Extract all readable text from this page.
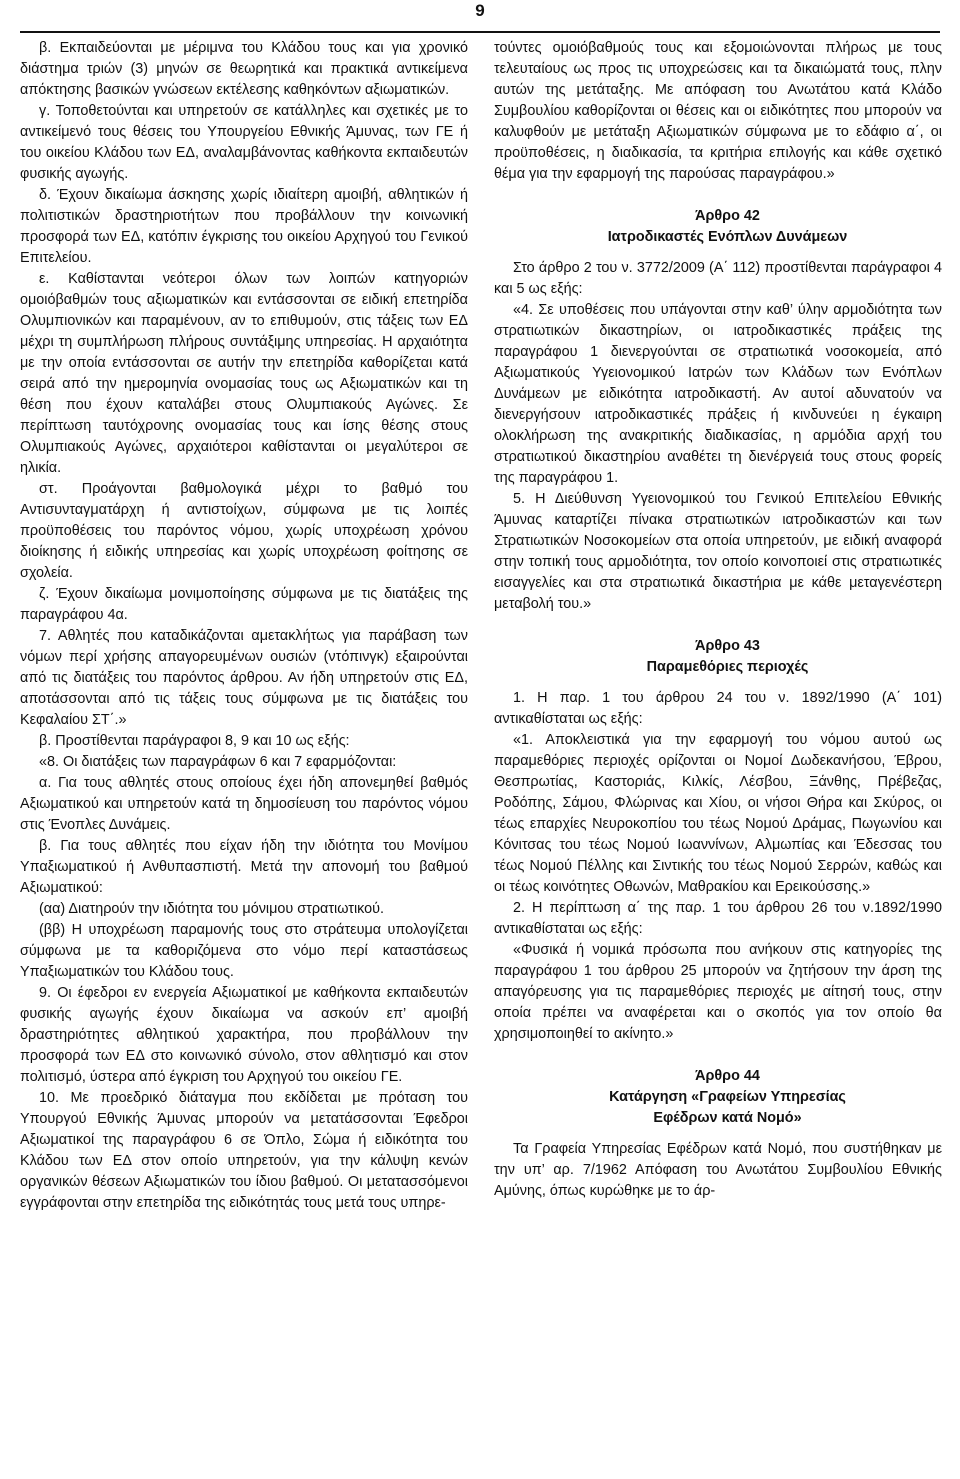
9

β. Εκπαιδεύονται με μέριμνα του Κλάδου τους και για χρονικό διάστημα τριών (3) μηνών σε θεωρητικά και πρακτικά αντικείμενα απόκτησης βασικών γνώσεων εκτέλεσης καθηκόντων αξιωματικών.

γ. Τοποθετούνται και υπηρετούν σε κατάλληλες και σχετικές με το αντικείμενό τους θέσεις του Υπουργείου Εθνικής Άμυνας, των ΓΕ ή του οικείου Κλάδου των ΕΔ, αναλαμβάνοντας καθήκοντα εκπαιδευτών φυσικής αγωγής.

δ. Έχουν δικαίωμα άσκησης χωρίς ιδιαίτερη αμοιβή, αθλητικών ή πολιτιστικών δραστηριοτήτων που προβάλλουν την κοινωνική προσφορά των ΕΔ, κατόπιν έγκρισης του οικείου Αρχηγού του Γενικού Επιτελείου.

ε. Καθίστανται νεότεροι όλων των λοιπών κατηγοριών ομοιόβαθμών τους αξιωματικών και εντάσσονται σε ειδική επετηρίδα Ολυμπιονικών και παραμένουν, αν το επιθυμούν, στις τάξεις των ΕΔ μέχρι τη συμπλήρωση πλήρους συντάξιμης υπηρεσίας. Η αρχαιότητα με την οποία εντάσσονται σε αυτήν την επετηρίδα καθορίζεται κατά σειρά από την ημερομηνία ονομασίας τους ως Αξιωματικών και τη θέση που έχουν καταλάβει στους Ολυμπιακούς Αγώνες. Σε περίπτωση ταυτόχρονης ονομασίας τους και ίσης θέσης στους Ολυμπιακούς Αγώνες, αρχαιότεροι καθίστανται οι μεγαλύτεροι σε ηλικία.

στ. Προάγονται βαθμολογικά μέχρι το βαθμό του Αντισυνταγματάρχη ή αντιστοίχων, σύμφωνα με τις λοιπές προϋποθέσεις του παρόντος νόμου, χωρίς υποχρέωση χρόνου διοίκησης ή ειδικής υπηρεσίας και χωρίς υποχρέωση φοίτησης σε σχολεία.

ζ. Έχουν δικαίωμα μονιμοποίησης σύμφωνα με τις διατάξεις της παραγράφου 4α.

7. Αθλητές που καταδικάζονται αμετακλήτως για παράβαση των νόμων περί χρήσης απαγορευμένων ουσιών (ντόπινγκ) εξαιρούνται από τις διατάξεις του παρόντος άρθρου. Αν ήδη υπηρετούν στις ΕΔ, αποτάσσονται από τις τάξεις τους σύμφωνα με τις διατάξεις του Κεφαλαίου ΣΤ΄.»

β. Προστίθενται παράγραφοι 8, 9 και 10 ως εξής:

«8. Οι διατάξεις των παραγράφων 6 και 7 εφαρμόζονται:

α. Για τους αθλητές στους οποίους έχει ήδη απονεμηθεί βαθμός Αξιωματικού και υπηρετούν κατά τη δημοσίευση του παρόντος νόμου στις Ένοπλες Δυνάμεις.

β. Για τους αθλητές που είχαν ήδη την ιδιότητα του Μονίμου Υπαξιωματικού ή Ανθυπασπιστή. Μετά την απονομή του βαθμού Αξιωματικού:

(αα) Διατηρούν την ιδιότητα του μόνιμου στρατιωτικού.

(ββ) Η υποχρέωση παραμονής τους στο στράτευμα υπολογίζεται σύμφωνα με τα καθοριζόμενα στο νόμο περί καταστάσεως Υπαξιωματικών του Κλάδου τους.

9. Οι έφεδροι εν ενεργεία Αξιωματικοί με καθήκοντα εκπαιδευτών φυσικής αγωγής έχουν δικαίωμα να ασκούν επ’ αμοιβή δραστηριότητες αθλητικού χαρακτήρα, που προβάλλουν την προσφορά των ΕΔ στο κοινωνικό σύνολο, στον αθλητισμό και στον πολιτισμό, ύστερα από έγκριση του Αρχηγού του οικείου ΓΕ.

10. Με προεδρικό διάταγμα που εκδίδεται με πρόταση του Υπουργού Εθνικής Άμυνας μπορούν να μετατάσσονται Έφεδροι Αξιωματικοί της παραγράφου 6 σε Όπλο, Σώμα ή ειδικότητα του Κλάδου των ΕΔ στον οποίο υπηρετούν, για την κάλυψη κενών οργανικών θέσεων Αξιωματικών του ίδιου βαθμού. Οι μετατασσόμενοι εγγράφονται στην επετηρίδα της ειδικότητάς τους μετά τους υπηρε-

τούντες ομοιόβαθμούς τους και εξομοιώνονται πλήρως με τους τελευταίους ως προς τις υποχρεώσεις και τα δικαιώματά τους, πλην αυτών της μετάταξης. Με απόφαση του Ανωτάτου κατά Κλάδο Συμβουλίου καθορίζονται οι θέσεις και οι ειδικότητες που μπορούν να καλυφθούν με μετάταξη Αξιωματικών σύμφωνα με το εδάφιο α΄, οι προϋποθέσεις, η διαδικασία, τα κριτήρια επιλογής και κάθε σχετικό θέμα για την εφαρμογή της παρούσας παραγράφου.»

Άρθρο 42

Ιατροδικαστές Ενόπλων Δυνάμεων

Στο άρθρο 2 του ν. 3772/2009 (Α΄ 112) προστίθενται παράγραφοι 4 και 5 ως εξής:

«4. Σε υποθέσεις που υπάγονται στην καθ’ ύλην αρμοδιότητα των στρατιωτικών δικαστηρίων, οι ιατροδικαστικές πράξεις της παραγράφου 1 διενεργούνται σε στρατιωτικά νοσοκομεία, από Αξιωματικούς Υγειονομικού Ιατρών των Κλάδων των Ενόπλων Δυνάμεων με ειδικότητα ιατροδικαστή. Αν αυτοί αδυνατούν να διενεργήσουν ιατροδικαστικές πράξεις ή κινδυνεύει η έγκαιρη ολοκλήρωση της ανακριτικής διαδικασίας, η αρμόδια αρχή του στρατιωτικού δικαστηρίου αναθέτει τη διενέργειά τους στους φορείς της παραγράφου 1.

5. Η Διεύθυνση Υγειονομικού του Γενικού Επιτελείου Εθνικής Άμυνας καταρτίζει πίνακα στρατιωτικών ιατροδικαστών και των Στρατιωτικών Νοσοκομείων στα οποία υπηρετούν, με ειδική αναφορά στην τοπική τους αρμοδιότητα, τον οποίο κοινοποιεί στις στρατιωτικές εισαγγελίες και στα στρατιωτικά δικαστήρια με κάθε μεταγενέστερη μεταβολή του.»

Άρθρο 43

Παραμεθόριες περιοχές

1. Η παρ. 1 του άρθρου 24 του ν. 1892/1990 (Α΄ 101) αντικαθίσταται ως εξής:

«1. Αποκλειστικά για την εφαρμογή του νόμου αυτού ως παραμεθόριες περιοχές ορίζονται οι Νομοί Δωδεκανήσου, Έβρου, Θεσπρωτίας, Καστοριάς, Κιλκίς, Λέσβου, Ξάνθης, Πρέβεζας, Ροδόπης, Σάμου, Φλώρινας και Χίου, οι νήσοι Θήρα και Σκύρος, οι τέως επαρχίες Νευροκοπίου του τέως Νομού Δράμας, Πωγωνίου και Κόνιτσας του τέως Νομού Ιωαννίνων, Αλμωπίας και Έδεσσας του τέως Νομού Πέλλης και Σιντικής του τέως Νομού Σερρών, καθώς και οι τέως κοινότητες Οθωνών, Μαθρακίου και Ερεικούσσης.»

2. Η περίπτωση α΄ της παρ. 1 του άρθρου 26 του ν.1892/1990 αντικαθίσταται ως εξής:

«Φυσικά ή νομικά πρόσωπα που ανήκουν στις κατηγορίες της παραγράφου 1 του άρθρου 25 μπορούν να ζητήσουν την άρση της απαγόρευσης για τις παραμεθόριες περιοχές με αίτησή τους, στην οποία πρέπει να αναφέρεται και ο σκοπός για τον οποίο θα χρησιμοποιηθεί το ακίνητο.»

Άρθρο 44

Κατάργηση «Γραφείων Υπηρεσίας

Εφέδρων κατά Νομό»

Τα Γραφεία Υπηρεσίας Εφέδρων κατά Νομό, που συστήθηκαν με την υπ’ αρ. 7/1962 Απόφαση του Ανωτάτου Συμβουλίου Εθνικής Αμύνης, όπως κυρώθηκε με το άρ-
